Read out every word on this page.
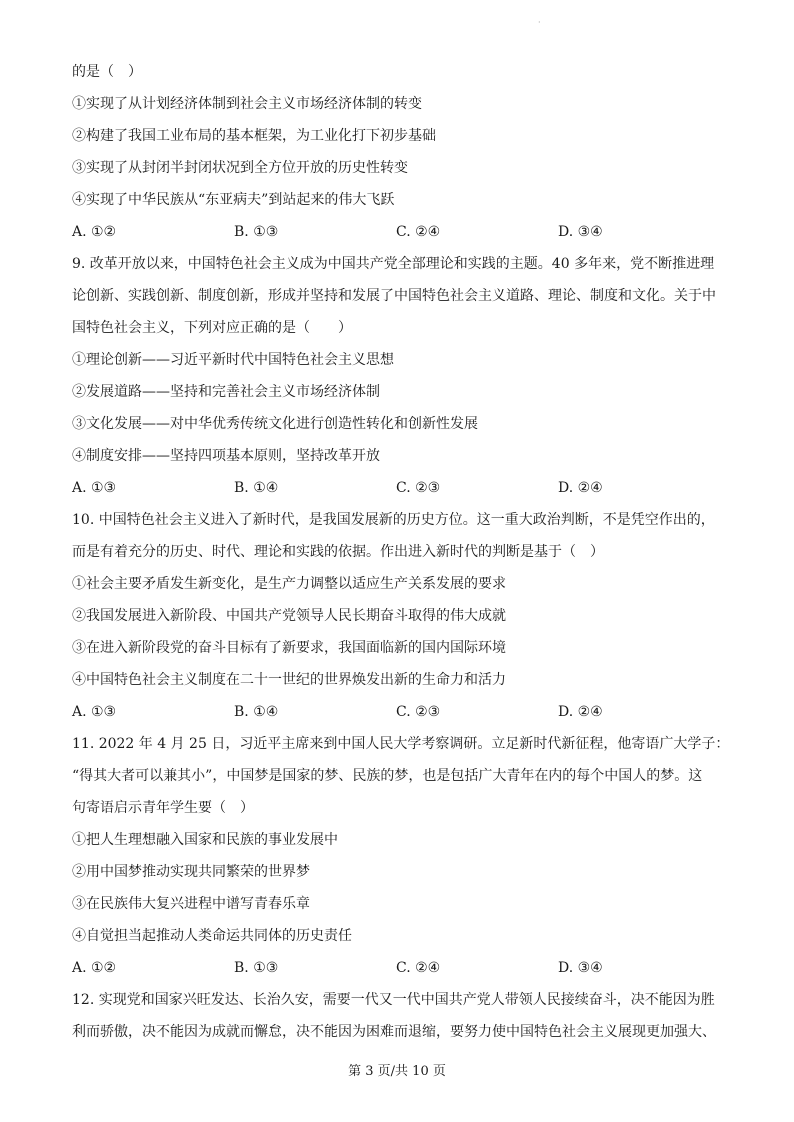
·
的是（　）
①实现了从计划经济体制到社会主义市场经济体制的转变
②构建了我国工业布局的基本框架，为工业化打下初步基础
③实现了从封闭半封闭状况到全方位开放的历史性转变
④实现了中华民族从“东亚病夫”到站起来的伟大飞跃
A. ①②	B. ①③	C. ②④	D. ③④
9. 改革开放以来，中国特色社会主义成为中国共产党全部理论和实践的主题。40 多年来，党不断推进理
论创新、实践创新、制度创新，形成并坚持和发展了中国特色社会主义道路、理论、制度和文化。关于中
国特色社会主义，下列对应正确的是（　　）
①理论创新——习近平新时代中国特色社会主义思想
②发展道路——坚持和完善社会主义市场经济体制
③文化发展——对中华优秀传统文化进行创造性转化和创新性发展
④制度安排——坚持四项基本原则，坚持改革开放
A. ①③	B. ①④	C. ②③	D. ②④
10. 中国特色社会主义进入了新时代，是我国发展新的历史方位。这一重大政治判断，不是凭空作出的，
而是有着充分的历史、时代、理论和实践的依据。作出进入新时代的判断是基于（　）
①社会主要矛盾发生新变化，是生产力调整以适应生产关系发展的要求
②我国发展进入新阶段、中国共产党领导人民长期奋斗取得的伟大成就
③在进入新阶段党的奋斗目标有了新要求，我国面临新的国内国际环境
④中国特色社会主义制度在二十一世纪的世界焕发出新的生命力和活力
A. ①③	B. ①④	C. ②③	D. ②④
11. 2022 年 4 月 25 日，习近平主席来到中国人民大学考察调研。立足新时代新征程，他寄语广大学子：
“得其大者可以兼其小”，中国梦是国家的梦、民族的梦，也是包括广大青年在内的每个中国人的梦。这
句寄语启示青年学生要（　）
①把人生理想融入国家和民族的事业发展中
②用中国梦推动实现共同繁荣的世界梦
③在民族伟大复兴进程中谱写青春乐章
④自觉担当起推动人类命运共同体的历史责任
A. ①②	B. ①③	C. ②④	D. ③④
12. 实现党和国家兴旺发达、长治久安，需要一代又一代中国共产党人带领人民接续奋斗，决不能因为胜
利而骄傲，决不能因为成就而懈怠，决不能因为困难而退缩，要努力使中国特色社会主义展现更加强大、
第 3 页/共 10 页
